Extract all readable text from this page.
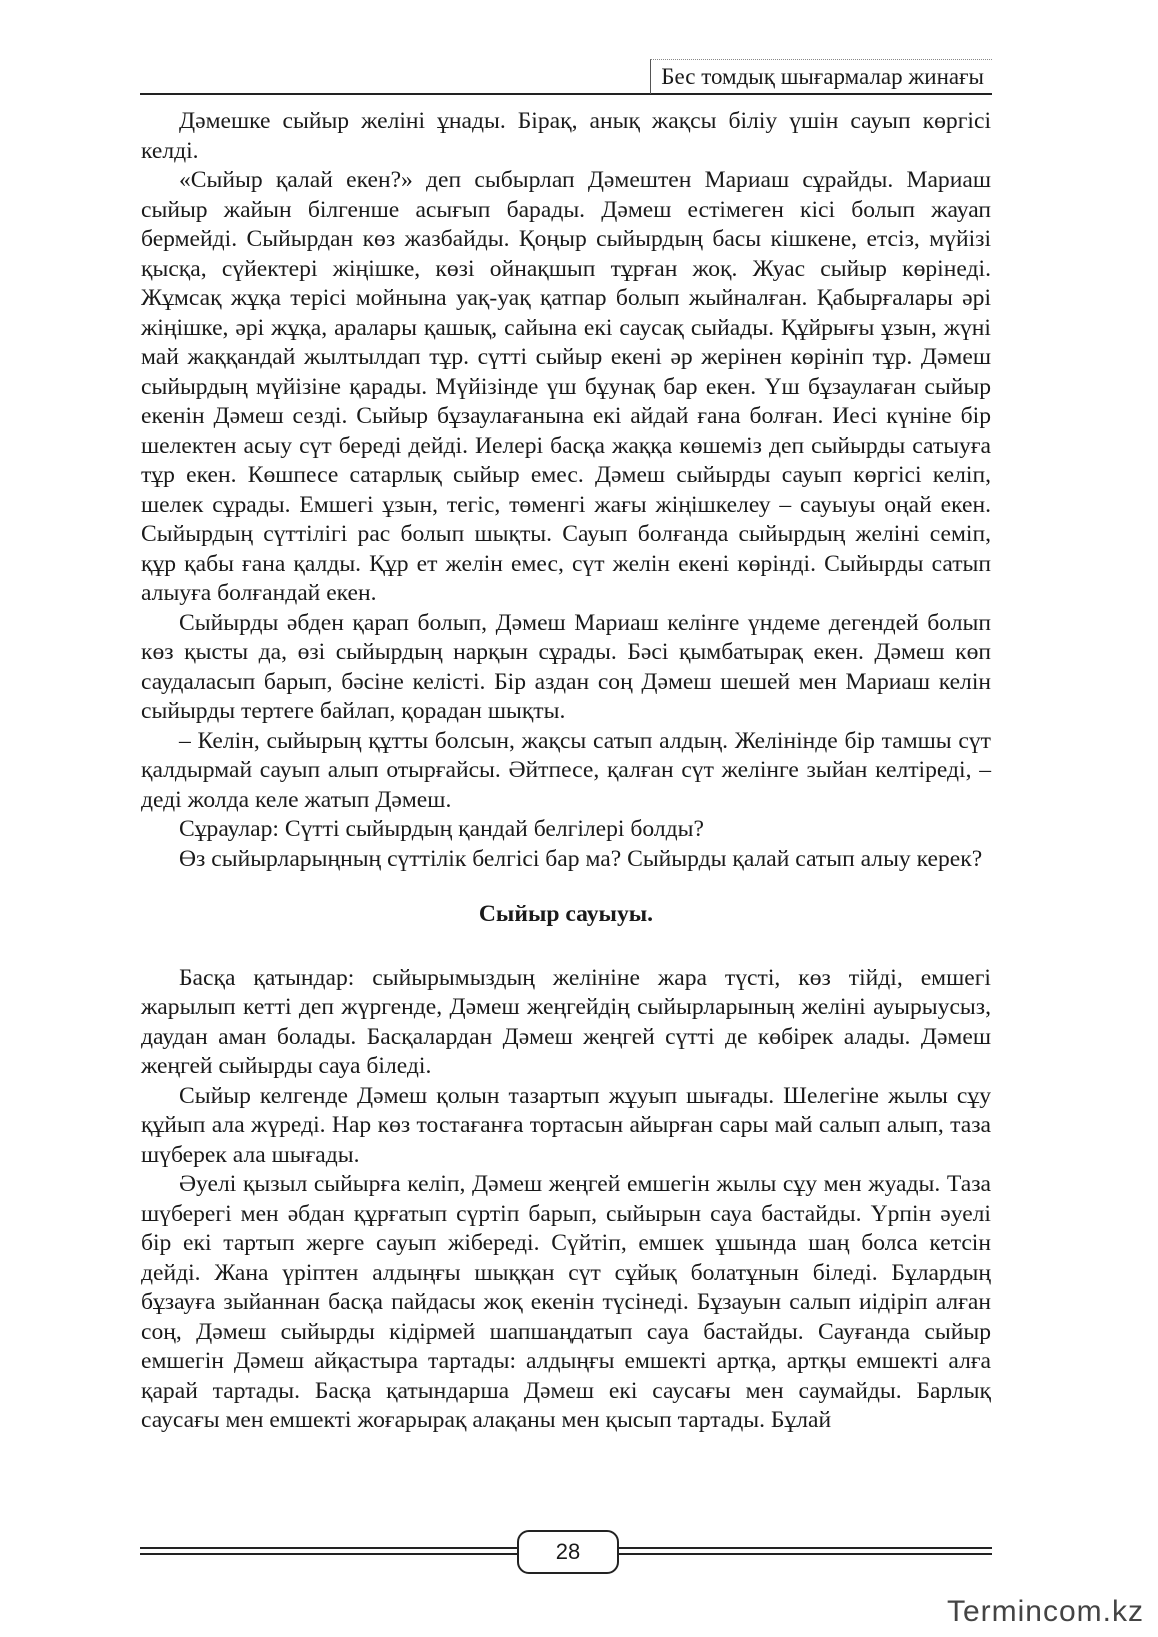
Бес томдық шығармалар жинағы

Дәмешке сыйыр желіні ұнады. Бірақ, анық жақсы біліу үшін сауып көргісі келді.

«Сыйыр қалай екен?» деп сыбырлап Дәмештен Мариаш сұрайды. Мариаш сыйыр жайын білгенше асығып барады. Дәмеш естімеген кісі болып жауап бермейді. Сыйырдан көз жазбайды. Қоңыр сыйырдың басы кішкене, етсіз, мүйізі қысқа, сүйектері жіңішке, көзі ойнақшып тұрған жоқ. Жуас сыйыр көрінеді. Жұмсақ жұқа терісі мойнына уақ-уақ қатпар болып жыйналған. Қабырғалары әрі жіңішке, әрі жұқа, аралары қашық, сайына екі саусақ сыйады. Құйрығы ұзын, жүні май жаққандай жылтылдап тұр. сүтті сыйыр екені әр жерінен көрініп тұр. Дәмеш сыйырдың мүйізіне қарады. Мүйізінде үш бұунақ бар екен. Үш бұзаулаған сыйыр екенін Дәмеш сезді. Сыйыр бұзаулағанына екі айдай ғана болған. Иесі күніне бір шелектен асыу сүт береді дейді. Иелері басқа жаққа көшеміз деп сыйырды сатыуға тұр екен. Көшпесе сатарлық сыйыр емес. Дәмеш сыйырды сауып көргісі келіп, шелек сұрады. Емшегі ұзын, тегіс, төменгі жағы жіңішкелеу – сауыуы оңай екен. Сыйырдың сүттілігі рас болып шықты. Сауып болғанда сыйырдың желіні семіп, құр қабы ғана қалды. Құр ет желін емес, сүт желін екені көрінді. Сыйырды сатып алыуға болғандай екен.

Сыйырды әбден қарап болып, Дәмеш Мариаш келінге үндеме дегендей болып көз қысты да, өзі сыйырдың нарқын сұрады. Бәсі қымбатырақ екен. Дәмеш көп саудаласып барып, бәсіне келісті. Бір аздан соң Дәмеш шешей мен Мариаш келін сыйырды тертеге байлап, қорадан шықты.

– Келін, сыйырың құтты болсын, жақсы сатып алдың. Желінінде бір тамшы сүт қалдырмай сауып алып отырғайсы. Әйтпесе, қалған сүт желінге зыйан келтіреді, – деді жолда келе жатып Дәмеш.

Сұраулар: Сүтті сыйырдың қандай белгілері болды?

Өз сыйырларыңның сүттілік белгісі бар ма? Сыйырды қалай сатып алыу керек?

Сыйыр сауыуы.

Басқа қатындар: сыйырымыздың желініне жара түсті, көз тійді, емшегі жарылып кетті деп жүргенде, Дәмеш жеңгейдің сыйырларының желіні ауырыусыз, даудан аман болады. Басқалардан Дәмеш жеңгей сүтті де көбірек алады. Дәмеш жеңгей сыйырды сауа біледі.

Сыйыр келгенде Дәмеш қолын тазартып жұуып шығады. Шелегіне жылы сұу құйып ала жүреді. Нар көз тостағанға тортасын айырған сары май салып алып, таза шүберек ала шығады.

Әуелі қызыл сыйырға келіп, Дәмеш жеңгей емшегін жылы сұу мен жуады. Таза шүберегі мен әбдан құрғатып сүртіп барып, сыйырын сауа бастайды. Үрпін әуелі бір екі тартып жерге сауып жібереді. Сүйтіп, емшек ұшында шаң болса кетсін дейді. Жана үріптен алдыңғы шыққан сүт сұйық болатұнын біледі. Бұлардың бұзауға зыйаннан басқа пайдасы жоқ екенін түсінеді. Бұзауын салып иідіріп алған соң, Дәмеш сыйырды кідірмей шапшаңдатып сауа бастайды. Сауғанда сыйыр емшегін Дәмеш айқастыра тартады: алдыңғы емшекті артқа, артқы емшекті алға қарай тартады. Басқа қатындарша Дәмеш екі саусағы мен саумайды. Барлық саусағы мен емшекті жоғарырақ алақаны мен қысып тартады. Бұлай

28
Termincom.kz
